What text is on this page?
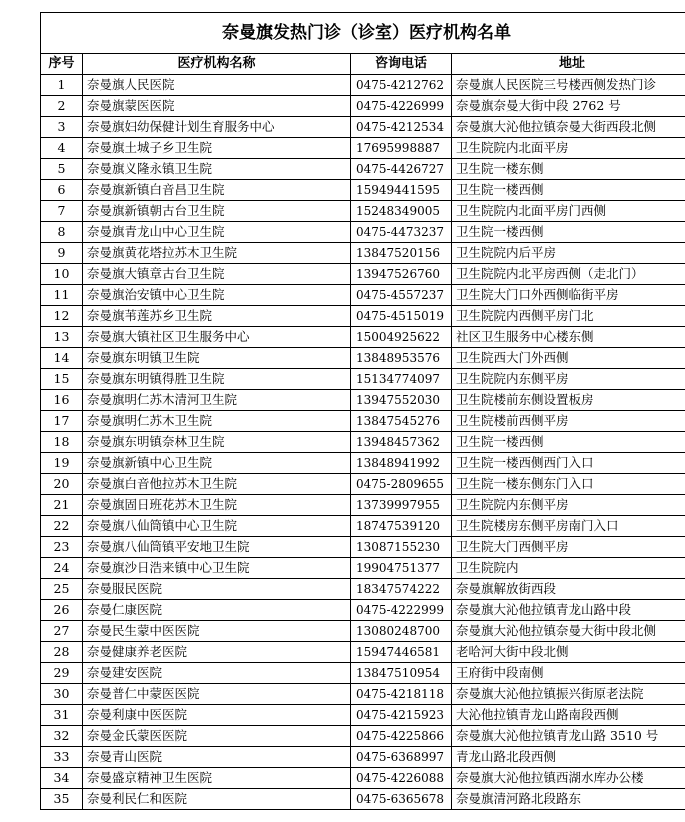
奈曼旗发热门诊（诊室）医疗机构名单			
序号	医疗机构名称	咨询电话	地址
1	奈曼旗人民医院	0475-4212762	奈曼旗人民医院三号楼西侧发热门诊
2	奈曼旗蒙医医院	0475-4226999	奈曼旗奈曼大街中段 2762 号
3	奈曼旗妇幼保健计划生育服务中心	0475-4212534	奈曼旗大沁他拉镇奈曼大街西段北侧
4	奈曼旗土城子乡卫生院	17695998887	卫生院院内北面平房
5	奈曼旗义隆永镇卫生院	0475-4426727	卫生院一楼东侧
6	奈曼旗新镇白音昌卫生院	15949441595	卫生院一楼西侧
7	奈曼旗新镇朝古台卫生院	15248349005	卫生院院内北面平房门西侧
8	奈曼旗青龙山中心卫生院	0475-4473237	卫生院一楼西侧
9	奈曼旗黄花塔拉苏木卫生院	13847520156	卫生院院内后平房
10	奈曼旗大镇章古台卫生院	13947526760	卫生院院内北平房西侧（走北门）
11	奈曼旗治安镇中心卫生院	0475-4557237	卫生院大门口外西侧临街平房
12	奈曼旗苇莲苏乡卫生院	0475-4515019	卫生院院内西侧平房门北
13	奈曼旗大镇社区卫生服务中心	15004925622	社区卫生服务中心楼东侧
14	奈曼旗东明镇卫生院	13848953576	卫生院西大门外西侧
15	奈曼旗东明镇得胜卫生院	15134774097	卫生院院内东侧平房
16	奈曼旗明仁苏木清河卫生院	13947552030	卫生院楼前东侧设置板房
17	奈曼旗明仁苏木卫生院	13847545276	卫生院楼前西侧平房
18	奈曼旗东明镇奈林卫生院	13948457362	卫生院一楼西侧
19	奈曼旗新镇中心卫生院	13848941992	卫生院一楼西侧西门入口
20	奈曼旗白音他拉苏木卫生院	0475-2809655	卫生院一楼东侧东门入口
21	奈曼旗固日班花苏木卫生院	13739997955	卫生院院内东侧平房
22	奈曼旗八仙筒镇中心卫生院	18747539120	卫生院楼房东侧平房南门入口
23	奈曼旗八仙筒镇平安地卫生院	13087155230	卫生院大门西侧平房
24	奈曼旗沙日浩来镇中心卫生院	19904751377	卫生院院内
25	奈曼服民医院	18347574222	奈曼旗解放街西段
26	奈曼仁康医院	0475-4222999	奈曼旗大沁他拉镇青龙山路中段
27	奈曼民生蒙中医医院	13080248700	奈曼旗大沁他拉镇奈曼大街中段北侧
28	奈曼健康养老医院	15947446581	老哈河大街中段北侧
29	奈曼建安医院	13847510954	王府街中段南侧
30	奈曼普仁中蒙医医院	0475-4218118	奈曼旗大沁他拉镇振兴街原老法院
31	奈曼利康中医医院	0475-4215923	大沁他拉镇青龙山路南段西侧
32	奈曼金氏蒙医医院	0475-4225866	奈曼旗大沁他拉镇青龙山路 3510 号
33	奈曼青山医院	0475-6368997	青龙山路北段西侧
34	奈曼盛京精神卫生医院	0475-4226088	奈曼旗大沁他拉镇西湖水库办公楼
35	奈曼利民仁和医院	0475-6365678	奈曼旗清河路北段路东
